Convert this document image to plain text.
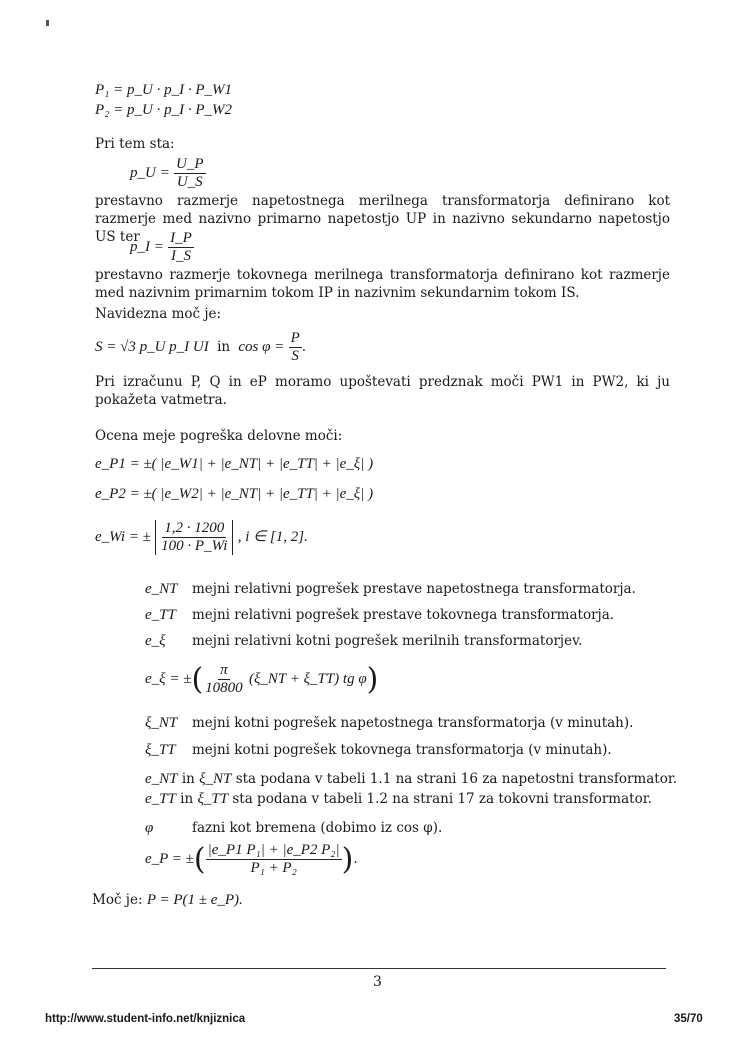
P₁ = p_U · p_I · P_W1
P₂ = p_U · p_I · P_W2
Pri tem sta:
p_U = $\frac{U\_P}{U\_S}$
prestavno razmerje napetostnega merilnega transformatorja definirano kot razmerje med nazivno primarno napetostjo UP in nazivno sekundarno napetostjo US ter
p_I = $\frac{I\_P}{I\_S}$
prestavno razmerje tokovnega merilnega transformatorja definirano kot razmerje med nazivnim primarnim tokom IP in nazivnim sekundarnim tokom IS.
Navidezna moč je:
S = √3 p_U p_I UI in $\cos \varphi = \frac{P}{S}$ .
Pri izračunu P, Q in eP moramo upoštevati predznak moči PW1 in PW2, ki ju pokažeta vatmetra.
Ocena meje pogreška delovne moči:
e_P1 = ±( |e_W1| + |e_NT| + |e_TT| + |e_ξ| )
e_P2 = ±( |e_W2| + |e_NT| + |e_TT| + |e_ξ| )
e_Wi = ± $\frac{1,2 \cdot 1200}{100 \cdot P\_Wi}$ , i ∈ [1, 2].
e_NT mejni relativni pogrešek prestave napetostnega transformatorja.
e_TT mejni relativni pogrešek prestave tokovnega transformatorja.
e_ξ mejni relativni kotni pogrešek merilnih transformatorjev.
e_ξ = ±( $\frac{\pi}{10800}$ (ξ_NT + ξ_TT) tg φ)
ξ_NT mejni kotni pogrešek napetostnega transformatorja (v minutah).
ξ_TT mejni kotni pogrešek tokovnega transformatorja (v minutah).
e_NT in ξ_NT sta podana v tabeli 1.1 na strani 16 za napetostni transformator.
e_TT in ξ_TT sta podana v tabeli 1.2 na strani 17 za tokovni transformator.
φ	fazni kot bremena (dobimo iz cos φ).
e_P = ±( $\frac{\text{|e\_P1 P₁| + |e\_P2 P₂|}}{\text{P₁ + P₂}}$ ).
Moč je: P = P(1 ± e_P).
3
http://www.student-info.net/knjiznica	35/70
